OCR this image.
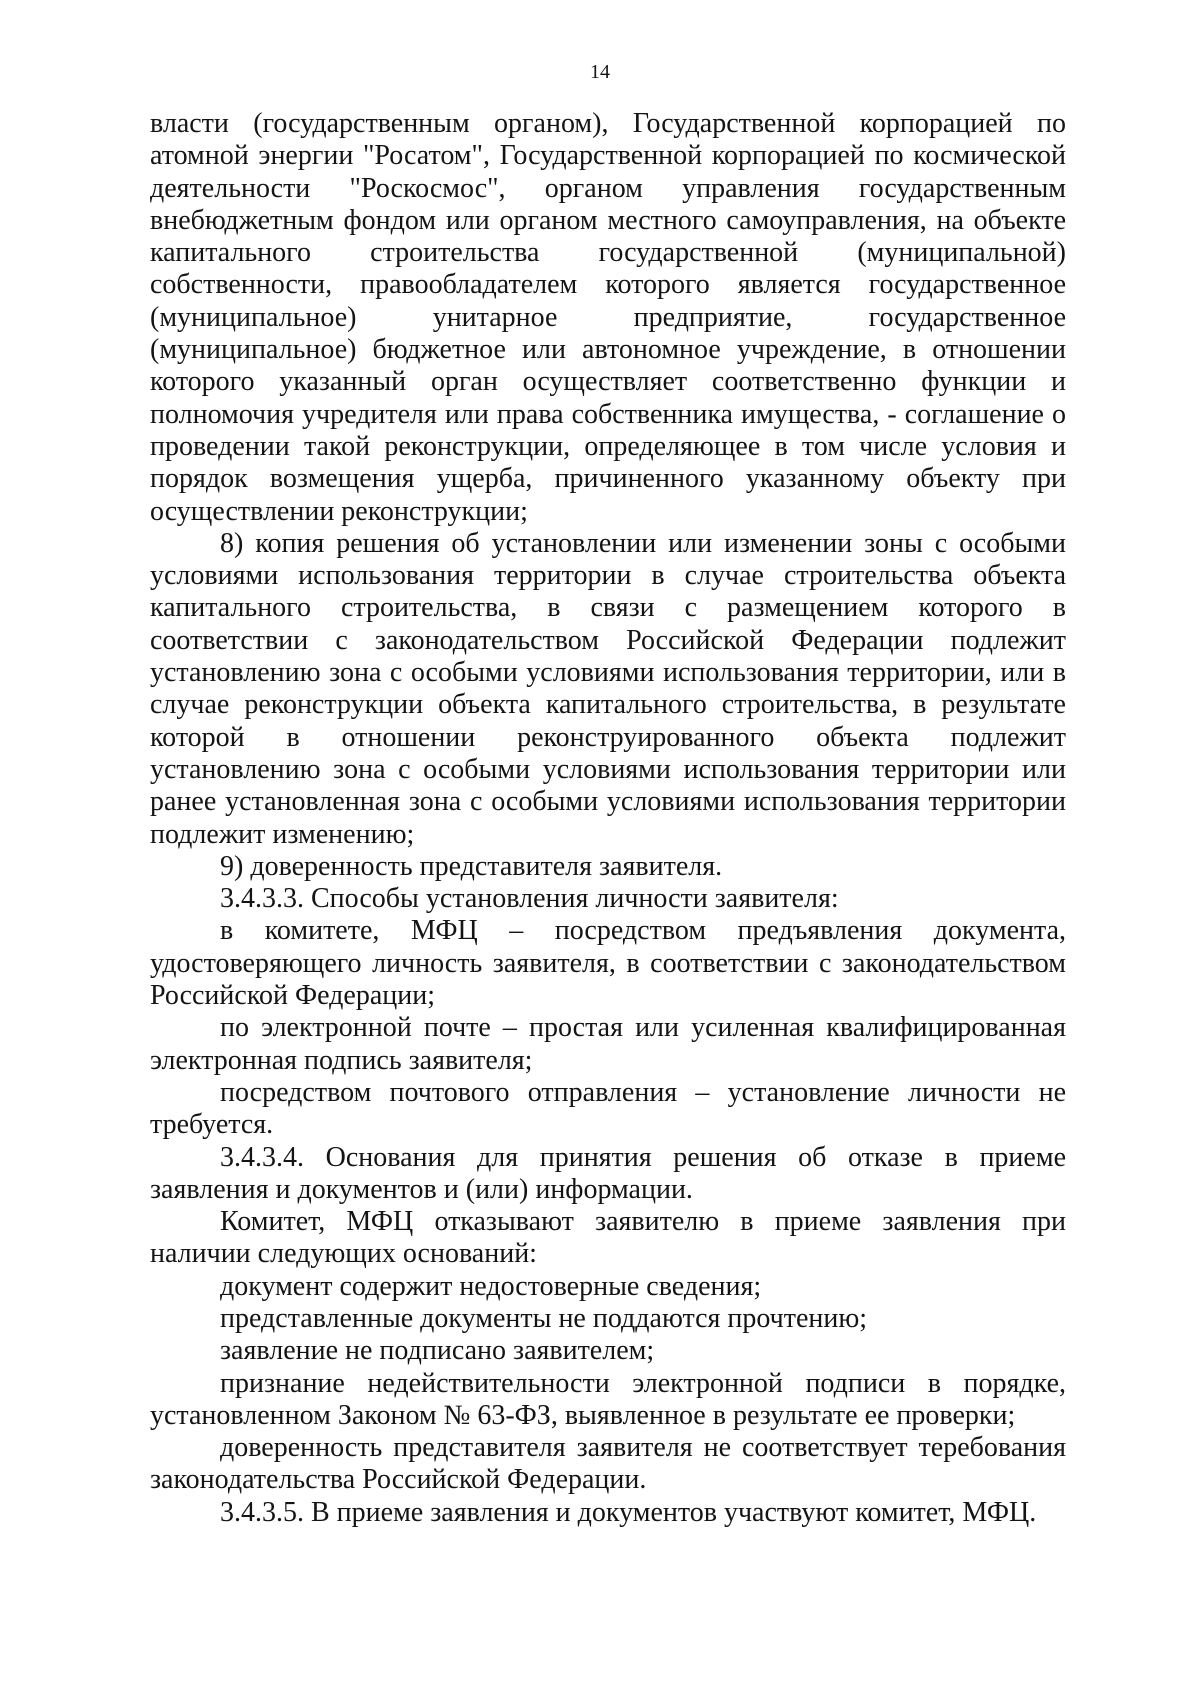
14

власти (государственным органом), Государственной корпорацией по атомной энергии "Росатом", Государственной корпорацией по космической деятельности "Роскосмос", органом управления государственным внебюджетным фондом или органом местного самоуправления, на объекте капитального строительства государственной (муниципальной) собственности, правообладателем которого является государственное (муниципальное) унитарное предприятие, государственное (муниципальное) бюджетное или автономное учреждение, в отношении которого указанный орган осуществляет соответственно функции и полномочия учредителя или права собственника имущества, - соглашение о проведении такой реконструкции, определяющее в том числе условия и порядок возмещения ущерба, причиненного указанному объекту при осуществлении реконструкции;

8) копия решения об установлении или изменении зоны с особыми условиями использования территории в случае строительства объекта капитального строительства, в связи с размещением которого в соответствии с законодательством Российской Федерации подлежит установлению зона с особыми условиями использования территории, или в случае реконструкции объекта капитального строительства, в результате которой в отношении реконструированного объекта подлежит установлению зона с особыми условиями использования территории или ранее установленная зона с особыми условиями использования территории подлежит изменению;

9) доверенность представителя заявителя.

3.4.3.3. Способы установления личности заявителя:

в комитете, МФЦ – посредством предъявления документа, удостоверяющего личность заявителя, в соответствии с законодательством Российской Федерации;

по электронной почте – простая или усиленная квалифицированная электронная подпись заявителя;

посредством почтового отправления – установление личности не требуется.

3.4.3.4. Основания для принятия решения об отказе в приеме заявления и документов и (или) информации.

Комитет, МФЦ отказывают заявителю в приеме заявления при наличии следующих оснований:

документ содержит недостоверные сведения;

представленные документы не поддаются прочтению;

заявление не подписано заявителем;

признание недействительности электронной подписи в порядке, установленном Законом № 63-ФЗ, выявленное в результате ее проверки;

доверенность представителя заявителя не соответствует теребования законодательства Российской Федерации.

3.4.3.5. В приеме заявления и документов участвуют комитет, МФЦ.
